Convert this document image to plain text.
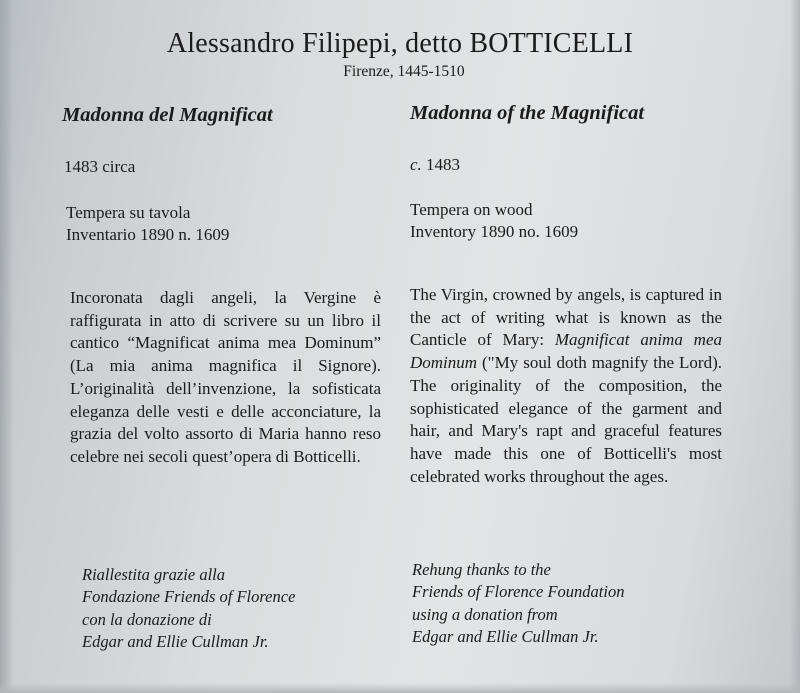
Alessandro Filipepi, detto BOTTICELLI
Firenze, 1445-1510
Madonna del Magnificat
1483 circa
Tempera su tavola
Inventario 1890 n. 1609
Incoronata dagli angeli, la Vergine è raffigurata in atto di scrivere su un libro il cantico “Magnificat anima mea Dominum” (La mia anima magnifica il Signore). L’originalità dell’invenzione, la sofisticata eleganza delle vesti e delle acconciature, la grazia del volto assorto di Maria hanno reso celebre nei secoli quest’opera di Botticelli.
Riallestita grazie alla
Fondazione Friends of Florence
con la donazione di
Edgar and Ellie Cullman Jr.
Madonna of the Magnificat
c. 1483
Tempera on wood
Inventory 1890 no. 1609
The Virgin, crowned by angels, is captured in the act of writing what is known as the Canticle of Mary: Magnificat anima mea Dominum ("My soul doth magnify the Lord). The originality of the composition, the sophisticated elegance of the garment and hair, and Mary's rapt and graceful features have made this one of Botticelli's most celebrated works throughout the ages.
Rehung thanks to the
Friends of Florence Foundation
using a donation from
Edgar and Ellie Cullman Jr.
